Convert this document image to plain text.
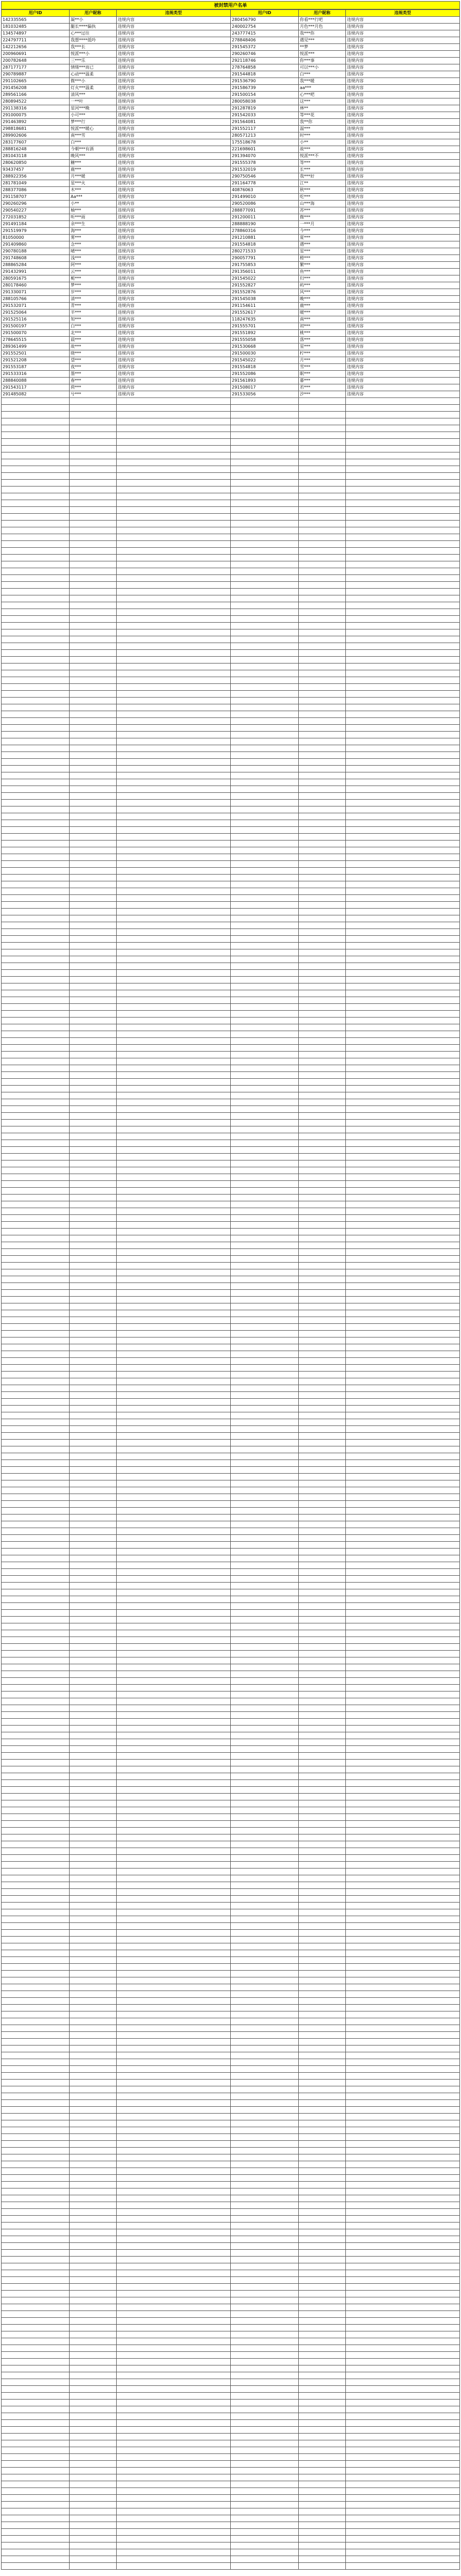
被封禁用户名单
用户ID	用户昵称	违规类型	用户ID	用户昵称	违规类型
142335565	凝**小	违规内容	280456790	你看***行吧	违规内容
181032485	腿长****偏执	违规内容	240002754	月色***月色	违规内容
134574897	心***过往	违规内容	243777415	我***你	违规内容
224797711	我想****低吟	违规内容	278848406	遇见***	违规内容
142212656	我***长	违规内容	291545372	**梦	违规内容
200960691	悦派***小	违规内容	290260746	悦派***	违规内容
200782648	三***乐	违规内容	292118746	你***事	违规内容
287177177	情绪***而已	违规内容	278764858	可以***小	违规内容
290789887	心动***温柔	违规内容	291544818	白***	违规内容
291102665	微***小	违规内容	291536790	我***暖	违规内容
291456208	灯火***温柔	违规内容	291586739	aa***	违规内容
289561166	清风***	违规内容	291500154	心***吧	违规内容
280894522	一**叶	违规内容	280058038	这***	违规内容
291138316	星河***晚	违规内容	291287819	林**	违规内容
291000075	小可***	违规内容	291542033	等***花	违规内容
291463892	梦***行	违规内容	291564081	我**你	违规内容
298818681	悦派***暖心	违规内容	291552117	温***	违规内容
289902606	南***雪	违规内容	280571213	时***	违规内容
283177607	白***	违规内容	175518678	小**	违规内容
288816248	今朝***有酒	违规内容	221698601	故***	违规内容
281043118	晚风***	违规内容	291394070	悦派***不	违规内容
280620850	糖***	违规内容	291555378	等***	违规内容
93437457	鹿***	违规内容	291532019	长***	违规内容
288922356	月***暖	违规内容	290750546	我***好	违规内容
281781049	星***火	违规内容	291164778	江**	违规内容
288377086	木***	违规内容	40876063	秋***	违规内容
291158707	Aa***	违规内容	291499010	吃***	违规内容
290260296	小**	违规内容	290520086	山***海	违规内容
290540227	柚***	违规内容	288877091	苏***	违规内容
272031852	听***雨	违规内容	291200011	微***	违规内容
291491184	余***生	违规内容	288888190	一***月	违规内容
291519979	海***	违规内容	278860316	今***	违规内容
81050000	雾***	违规内容	291210881	夏***	违规内容
291409860	念***	违规内容	291554818	遇***	违规内容
290780188	晴***	违规内容	280271533	星***	违规内容
291748608	浅***	违规内容	290057791	橙***	违规内容
288865284	阿***	违规内容	291755853	繁***	违规内容
291432991	云***	违规内容	291356011	鱼***	违规内容
280591675	栀***	违规内容	291545022	归***	违规内容
280178460	梦***	违规内容	291552827	屿***	违规内容
291330071	岁***	违规内容	291552876	风***	违规内容
288105766	清***	违规内容	291545038	晚***	违规内容
291532071	青***	违规内容	291154611	鹿***	违规内容
291525064	半***	违规内容	291552617	暖***	违规内容
291525116	知***	违规内容	118247635	南***	违规内容
291500197	白***	违规内容	291555701	初***	违规内容
291500070	北***	违规内容	291551892	桃***	违规内容
278645515	晨***	违规内容	291555058	落***	违规内容
289361499	故***	违规内容	291530668	星***	违规内容
291552501	晓***	违规内容	291500030	柠***	违规内容
291521208	望***	违规内容	291545022	月***	违规内容
291553187	夜***	违规内容	291554818	雪***	违规内容
291533316	墨***	违规内容	291552086	眠***	违规内容
288840088	春***	违规内容	291561893	暮***	违规内容
291543117	荷***	违规内容	291508017	若***	违规内容
291485082	兮***	违规内容	291533056	汐***	违规内容
